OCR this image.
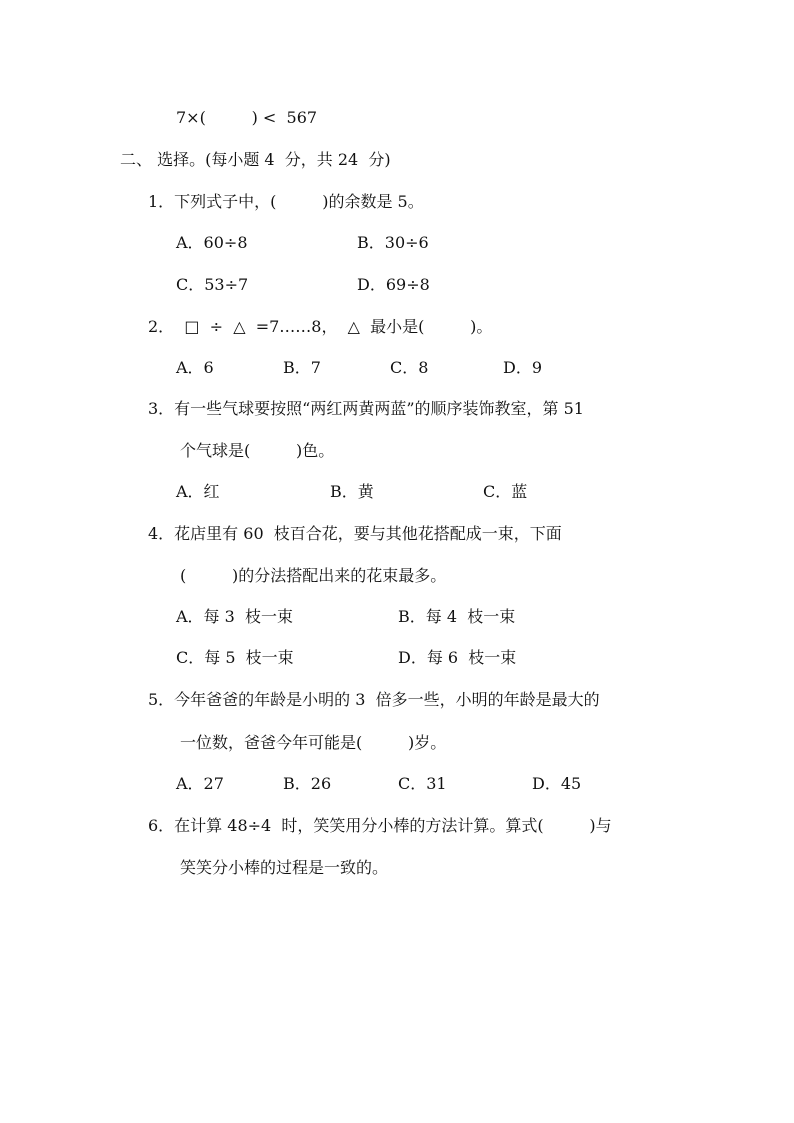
7×(         ) <  567
二、 选择。(每小题 4  分，共 24  分)
1．下列式子中，(         )的余数是 5。
A．60÷8	B．30÷6
C．53÷7	D．69÷8
2．  □  ÷  △  =7……8，  △  最小是(         )。
A．6	B．7	C．8	D．9
3．有一些气球要按照“两红两黄两蓝”的顺序装饰教室，第 51
个气球是(         )色。
A．红	B．黄	C．蓝
4．花店里有 60  枝百合花，要与其他花搭配成一束，下面
(         )的分法搭配出来的花束最多。
A．每 3  枝一束	B．每 4  枝一束
C．每 5  枝一束	D．每 6  枝一束
5．今年爸爸的年龄是小明的 3  倍多一些，小明的年龄是最大的
一位数，爸爸今年可能是(         )岁。
A．27	B．26	C．31	D．45
6．在计算 48÷4  时，笑笑用分小棒的方法计算。算式(         )与
笑笑分小棒的过程是一致的。
